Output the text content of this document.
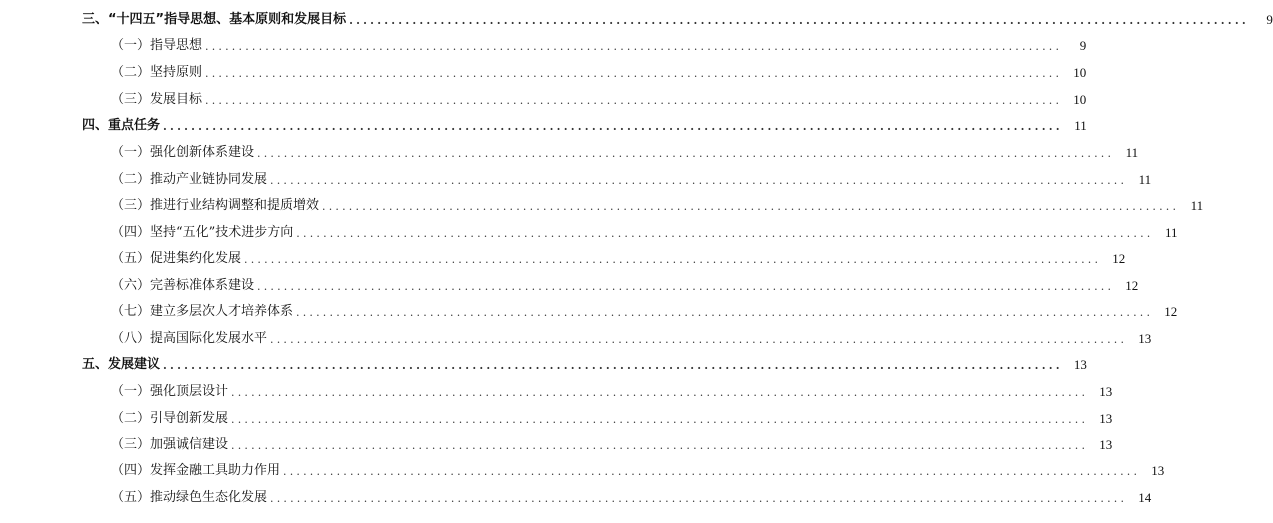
三、“十四五”指导思想、基本原则和发展目标 ................................................................................................................................	9
（一）指导思想 ................................................................................................................................	9
（二）坚持原则 ................................................................................................................................ 10
（三）发展目标 ................................................................................................................................ 10
四、重点任务 ................................................................................................................................ 11
（一）强化创新体系建设 ................................................................................................................................ 11
（二）推动产业链协同发展 ................................................................................................................................ 11
（三）推进行业结构调整和提质增效 ................................................................................................................................ 11
（四）坚持“五化”技术进步方向 ................................................................................................................................ 11
（五）促进集约化发展 ................................................................................................................................ 12
（六）完善标准体系建设 ................................................................................................................................ 12
（七）建立多层次人才培养体系 ................................................................................................................................ 12
（八）提高国际化发展水平 ................................................................................................................................ 13
五、发展建议 ................................................................................................................................ 13
（一）强化顶层设计 ................................................................................................................................ 13
（二）引导创新发展 ................................................................................................................................ 13
（三）加强诚信建设 ................................................................................................................................ 13
（四）发挥金融工具助力作用 ................................................................................................................................ 13
（五）推动绿色生态化发展 ................................................................................................................................ 14
